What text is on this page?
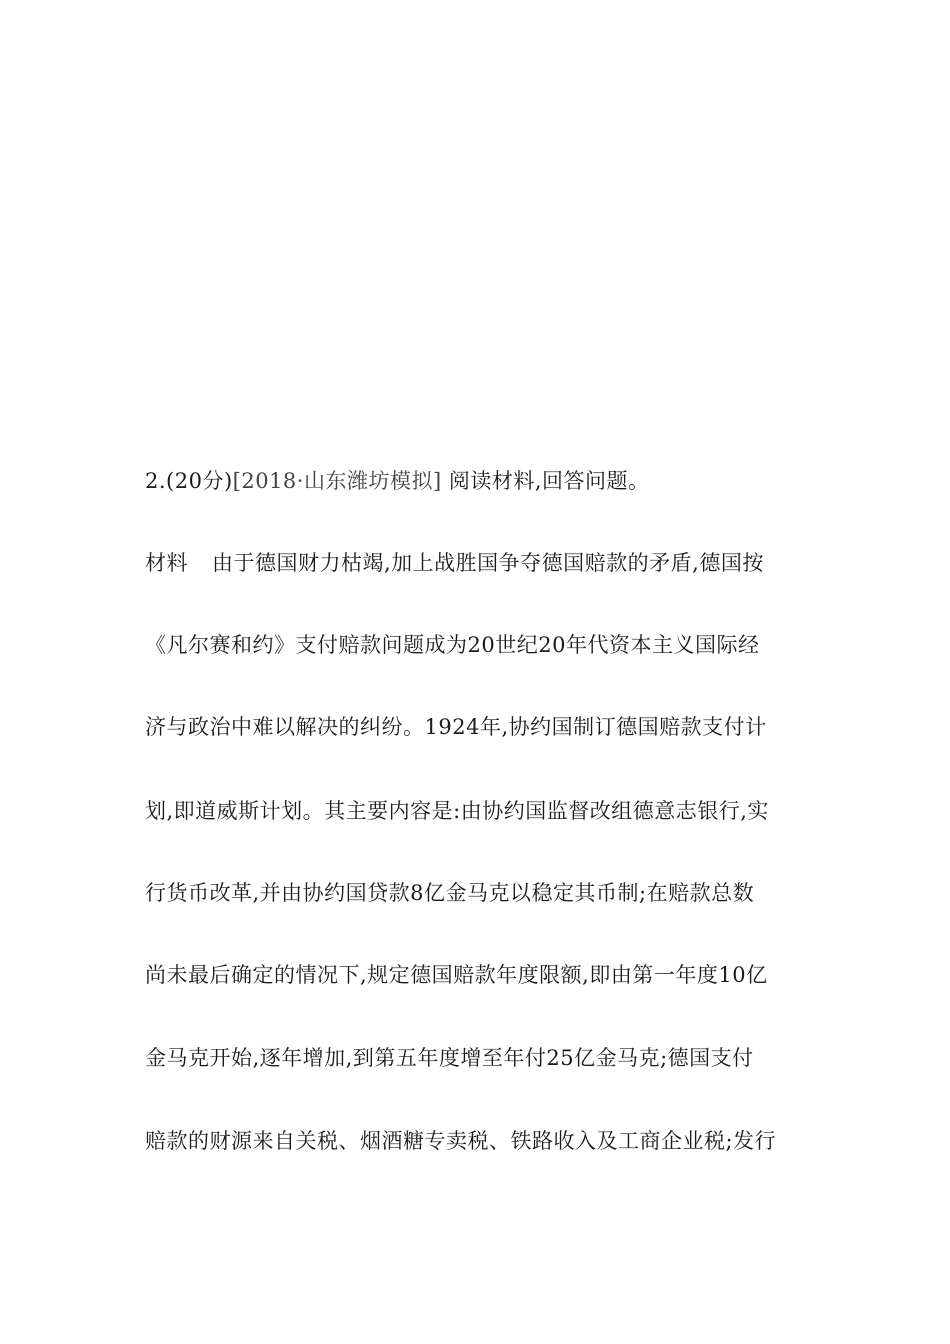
2.(20分)[2018·山东潍坊模拟] 阅读材料,回答问题。
材料 由于德国财力枯竭,加上战胜国争夺德国赔款的矛盾,德国按
《凡尔赛和约》支付赔款问题成为20世纪20年代资本主义国际经
济与政治中难以解决的纠纷。1924年,协约国制订德国赔款支付计
划,即道威斯计划。其主要内容是:由协约国监督改组德意志银行,实
行货币改革,并由协约国贷款8亿金马克以稳定其币制;在赔款总数
尚未最后确定的情况下,规定德国赔款年度限额,即由第一年度10亿
金马克开始,逐年增加,到第五年度增至年付25亿金马克;德国支付
赔款的财源来自关税、烟酒糖专卖税、铁路收入及工商企业税;发行
